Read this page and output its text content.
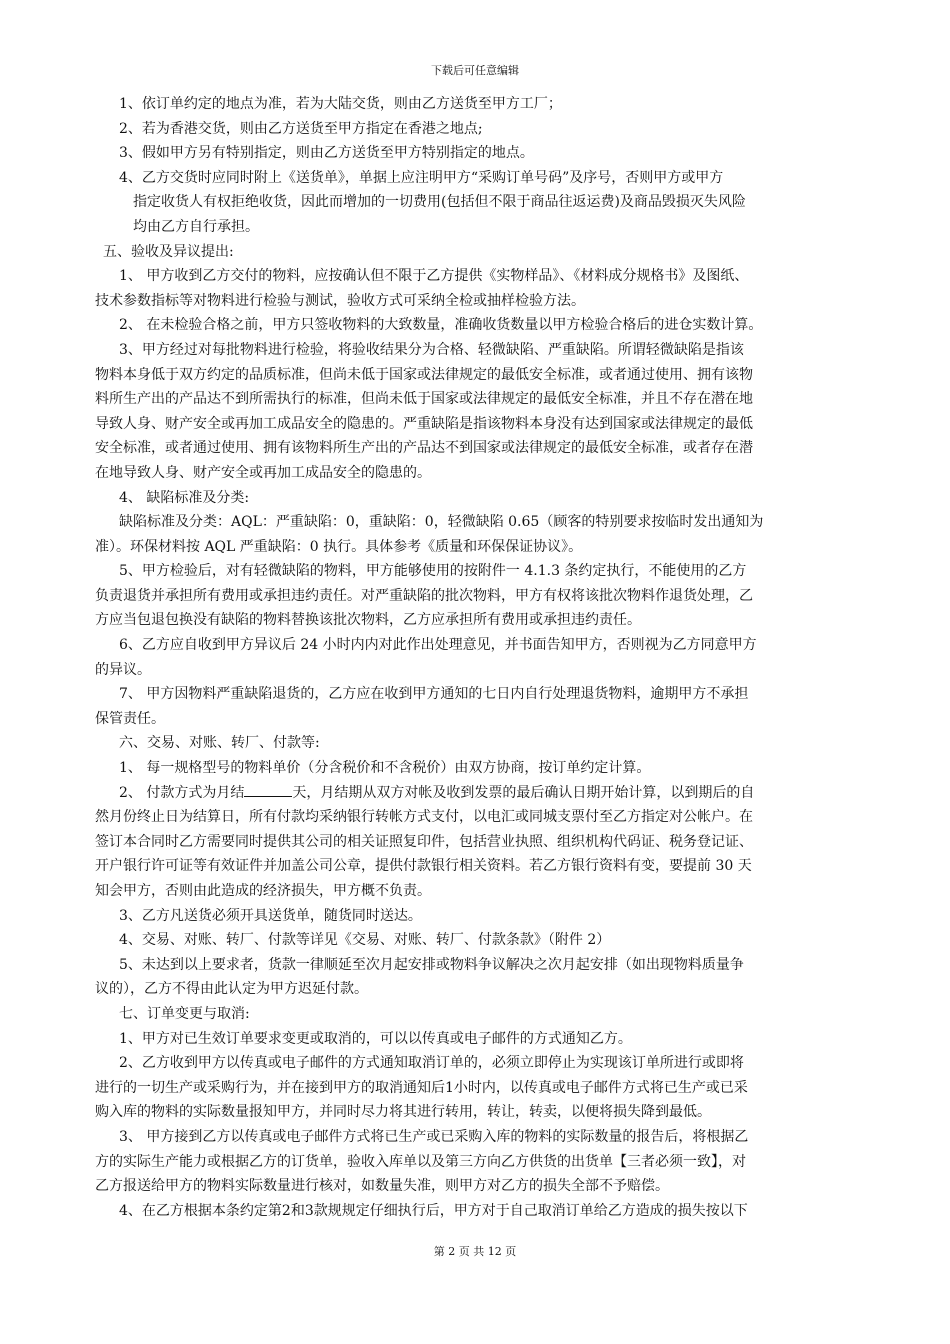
下载后可任意编辑

1、依订单约定的地点为准，若为大陆交货，则由乙方送货至甲方工厂；

2、若为香港交货，则由乙方送货至甲方指定在香港之地点;

3、假如甲方另有特别指定，则由乙方送货至甲方特别指定的地点。

4、乙方交货时应同时附上《送货单》，单据上应注明甲方“采购订单号码”及序号，否则甲方或甲方

指定收货人有权拒绝收货，因此而增加的一切费用(包括但不限于商品往返运费)及商品毁损灭失风险

均由乙方自行承担。

五、验收及异议提出:

1、 甲方收到乙方交付的物料，应按确认但不限于乙方提供《实物样品》、《材料成分规格书》及图纸、

技术参数指标等对物料进行检验与测试，验收方式可采纳全检或抽样检验方法。

2、 在未检验合格之前，甲方只签收物料的大致数量，准确收货数量以甲方检验合格后的进仓实数计算。

3、甲方经过对每批物料进行检验，将验收结果分为合格、轻微缺陷、严重缺陷。所谓轻微缺陷是指该

物料本身低于双方约定的品质标准，但尚未低于国家或法律规定的最低安全标准，或者通过使用、拥有该物

料所生产出的产品达不到所需执行的标准，但尚未低于国家或法律规定的最低安全标准，并且不存在潜在地

导致人身、财产安全或再加工成品安全的隐患的。严重缺陷是指该物料本身没有达到国家或法律规定的最低

安全标准，或者通过使用、拥有该物料所生产出的产品达不到国家或法律规定的最低安全标准，或者存在潜

在地导致人身、财产安全或再加工成品安全的隐患的。

4、 缺陷标准及分类:

缺陷标准及分类：AQL：严重缺陷：0，重缺陷：0，轻微缺陷 0.65（顾客的特别要求按临时发出通知为

准）。环保材料按 AQL 严重缺陷：0 执行。具体参考《质量和环保保证协议》。

5、甲方检验后，对有轻微缺陷的物料，甲方能够使用的按附件一 4.1.3 条约定执行，不能使用的乙方

负责退货并承担所有费用或承担违约责任。对严重缺陷的批次物料，甲方有权将该批次物料作退货处理，乙

方应当包退包换没有缺陷的物料替换该批次物料，乙方应承担所有费用或承担违约责任。

6、乙方应自收到甲方异议后 24 小时内内对此作出处理意见，并书面告知甲方，否则视为乙方同意甲方

的异议。

7、 甲方因物料严重缺陷退货的，乙方应在收到甲方通知的七日内自行处理退货物料，逾期甲方不承担

保管责任。

六、交易、对账、转厂、付款等:

1、 每一规格型号的物料单价（分含税价和不含税价）由双方协商，按订单约定计算。

2、 付款方式为月结	天，月结期从双方对帐及收到发票的最后确认日期开始计算，以到期后的自

然月份终止日为结算日，所有付款均采纳银行转帐方式支付，以电汇或同城支票付至乙方指定对公帐户。在

签订本合同时乙方需要同时提供其公司的相关证照复印件，包括营业执照、组织机构代码证、税务登记证、

开户银行许可证等有效证件并加盖公司公章，提供付款银行相关资料。若乙方银行资料有变，要提前 30 天

知会甲方，否则由此造成的经济损失，甲方概不负责。

3、乙方凡送货必须开具送货单，随货同时送达。

4、交易、对账、转厂、付款等详见《交易、对账、转厂、付款条款》（附件 2）

5、未达到以上要求者，货款一律顺延至次月起安排或物料争议解决之次月起安排（如出现物料质量争

议的），乙方不得由此认定为甲方迟延付款。

七、订单变更与取消:

1、甲方对已生效订单要求变更或取消的，可以以传真或电子邮件的方式通知乙方。

2、乙方收到甲方以传真或电子邮件的方式通知取消订单的，必须立即停止为实现该订单所进行或即将

进行的一切生产或采购行为，并在接到甲方的取消通知后1小时内，以传真或电子邮件方式将已生产或已采

购入库的物料的实际数量报知甲方，并同时尽力将其进行转用，转让，转卖，以便将损失降到最低。

3、 甲方接到乙方以传真或电子邮件方式将已生产或已采购入库的物料的实际数量的报告后，将根据乙

方的实际生产能力或根据乙方的订货单，验收入库单以及第三方向乙方供货的出货单【三者必须一致】，对

乙方报送给甲方的物料实际数量进行核对，如数量失准，则甲方对乙方的损失全部不予赔偿。

4、在乙方根据本条约定第2和3款规规定仔细执行后，甲方对于自己取消订单给乙方造成的损失按以下

第 2 页 共 12 页
